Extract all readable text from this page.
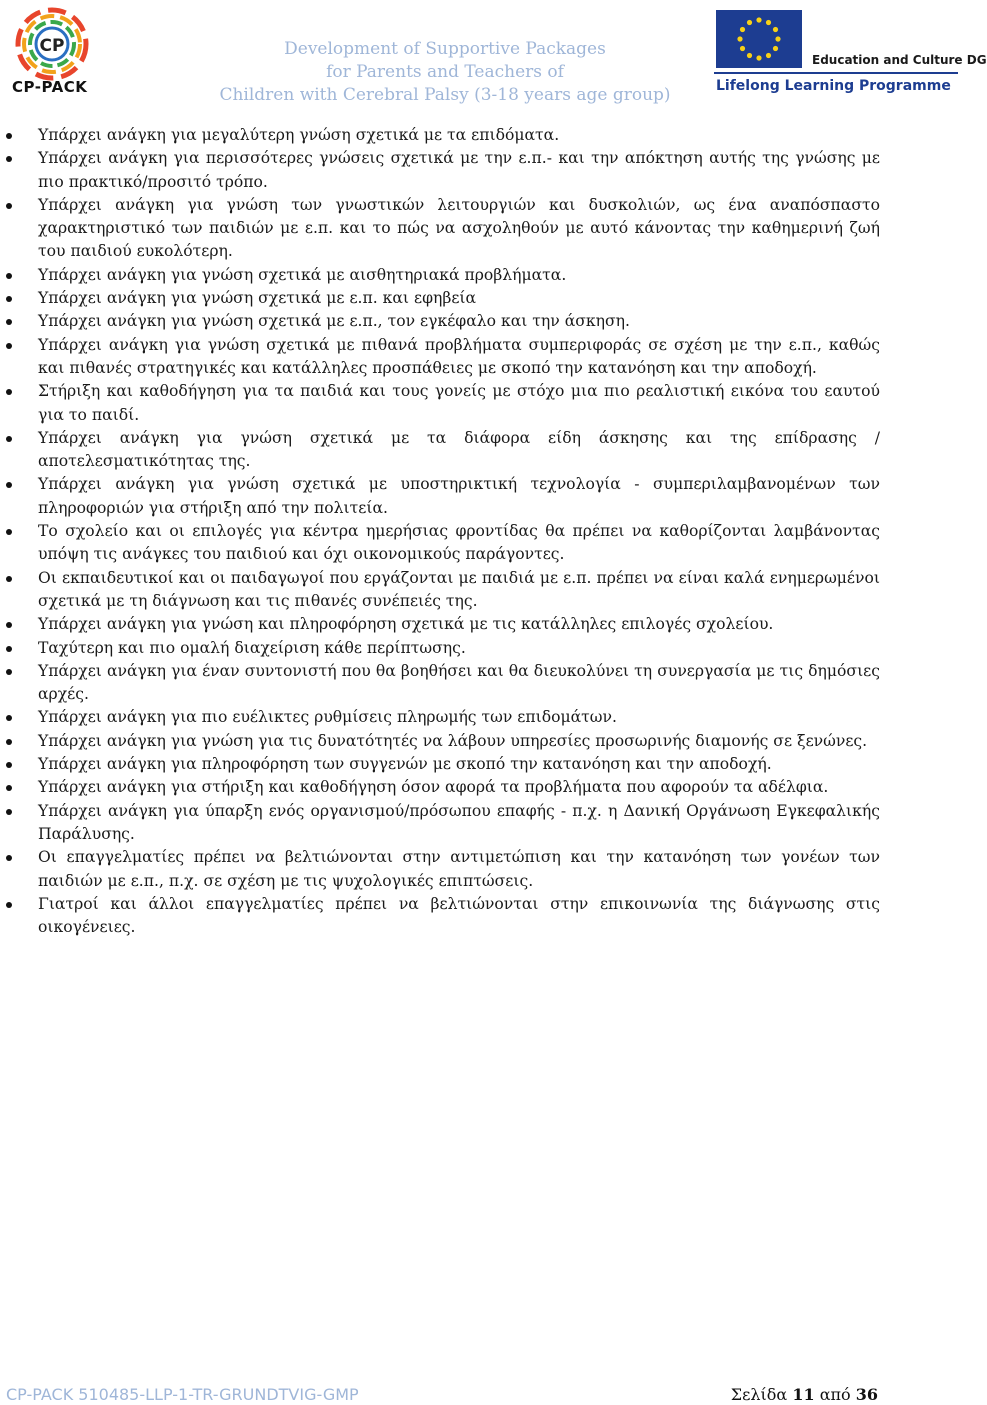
CP
CP-PACK
Development of Supportive Packages
for Parents and Teachers of
Children with Cerebral Palsy (3-18 years age group)
Education and Culture DG
Lifelong Learning Programme
Υπάρχει ανάγκη για μεγαλύτερη γνώση σχετικά με τα επιδόματα.
Υπάρχει ανάγκη για περισσότερες γνώσεις σχετικά με την ε.π.- και την απόκτηση αυτής της γνώσης με πιο πρακτικό/προσιτό τρόπο.
Υπάρχει ανάγκη για γνώση των γνωστικών λειτουργιών και δυσκολιών, ως ένα αναπόσπαστο χαρακτηριστικό των παιδιών με ε.π. και το πώς να ασχοληθούν με αυτό κάνοντας την καθημερινή ζωή του παιδιού ευκολότερη.
Υπάρχει ανάγκη για γνώση σχετικά με αισθητηριακά προβλήματα.
Υπάρχει ανάγκη για γνώση σχετικά με ε.π. και εφηβεία
Υπάρχει ανάγκη για γνώση σχετικά με ε.π., τον εγκέφαλο και την άσκηση.
Υπάρχει ανάγκη για γνώση σχετικά με πιθανά προβλήματα συμπεριφοράς σε σχέση με την ε.π., καθώς και πιθανές στρατηγικές και κατάλληλες προσπάθειες με σκοπό την κατανόηση και την αποδοχή.
Στήριξη και καθοδήγηση για τα παιδιά και τους γονείς με στόχο μια πιο ρεαλιστική εικόνα του εαυτού για το παιδί.
Υπάρχει ανάγκη για γνώση σχετικά με τα διάφορα είδη άσκησης και της επίδρασης / αποτελεσματικότητας της.
Υπάρχει ανάγκη για γνώση σχετικά με υποστηρικτική τεχνολογία - συμπεριλαμβανομένων των πληροφοριών για στήριξη από την πολιτεία.
Το σχολείο και οι επιλογές για κέντρα ημερήσιας φροντίδας θα πρέπει να καθορίζονται λαμβάνοντας υπόψη τις ανάγκες του παιδιού και όχι οικονομικούς παράγοντες.
Οι εκπαιδευτικοί και οι παιδαγωγοί που εργάζονται με παιδιά με ε.π. πρέπει να είναι καλά ενημερωμένοι σχετικά με τη διάγνωση και τις πιθανές συνέπειές της.
Υπάρχει ανάγκη για γνώση και πληροφόρηση σχετικά με τις κατάλληλες επιλογές σχολείου.
Ταχύτερη και πιο ομαλή διαχείριση κάθε περίπτωσης.
Υπάρχει ανάγκη για έναν συντονιστή που θα βοηθήσει και θα διευκολύνει τη συνεργασία με τις δημόσιες αρχές.
Υπάρχει ανάγκη για πιο ευέλικτες ρυθμίσεις πληρωμής των επιδομάτων.
Υπάρχει ανάγκη για γνώση για τις δυνατότητές να λάβουν υπηρεσίες προσωρινής διαμονής σε ξενώνες.
Υπάρχει ανάγκη για πληροφόρηση των συγγενών με σκοπό την κατανόηση και την αποδοχή.
Υπάρχει ανάγκη για στήριξη και καθοδήγηση όσον αφορά τα προβλήματα που αφορούν τα αδέλφια.
Υπάρχει ανάγκη για ύπαρξη ενός οργανισμού/πρόσωπου επαφής - π.χ. η Δανική Οργάνωση Εγκεφαλικής Παράλυσης.
Οι επαγγελματίες πρέπει να βελτιώνονται στην αντιμετώπιση και την κατανόηση των γονέων των παιδιών με ε.π., π.χ. σε σχέση με τις ψυχολογικές επιπτώσεις.
Γιατροί και άλλοι επαγγελματίες πρέπει να βελτιώνονται στην επικοινωνία της διάγνωσης στις οικογένειες.
CP-PACK 510485-LLP-1-TR-GRUNDTVIG-GMP	Σελίδα 11 από 36
